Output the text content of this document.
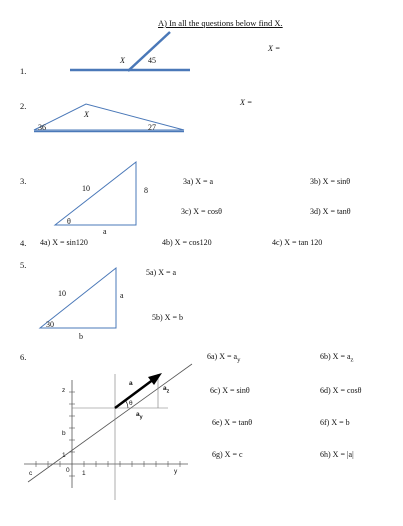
A) In all the questions below find X.
1.
2.
3.
4.
5.
6.
X	45
X =
X
36	27
X =
10	8
θ
a
3a) X = a	3b) X = sinθ
3c) X = cosθ	3d) X = tanθ
4a) X = sin120	4b) X = cos120	4c) X = tan 120
10	a
30
b
5a) X = a
5b) X = b
a
θ
$a_z$
$a_y$
z
y
c
b
0 1
1
6a) $X = a_y$	6b) $X = a_z$
6c) X = sinθ	6d) X = cosθ
6e) X = tanθ	6f) X = b
6g) X = c	6h) X = |a|
